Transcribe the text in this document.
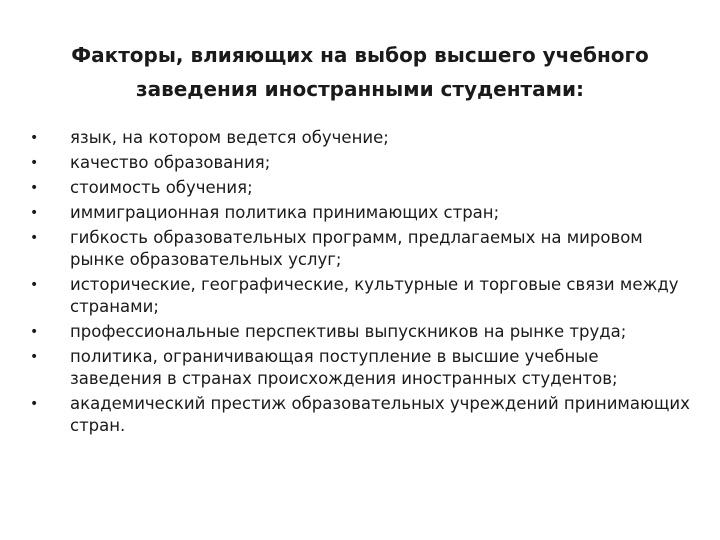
Факторы, влияющих на выбор высшего учебного
заведения иностранными студентами:
• язык, на котором ведется обучение;
• качество образования;
• стоимость обучения;
• иммиграционная политика принимающих стран;
• гибкость образовательных программ, предлагаемых на мировом рынке образовательных услуг;
• исторические, географические, культурные и торговые связи между странами;
• профессиональные перспективы выпускников на рынке труда;
• политика, ограничивающая поступление в высшие учебные заведения в странах происхождения иностранных студентов;
• академический престиж образовательных учреждений принимающих стран.
